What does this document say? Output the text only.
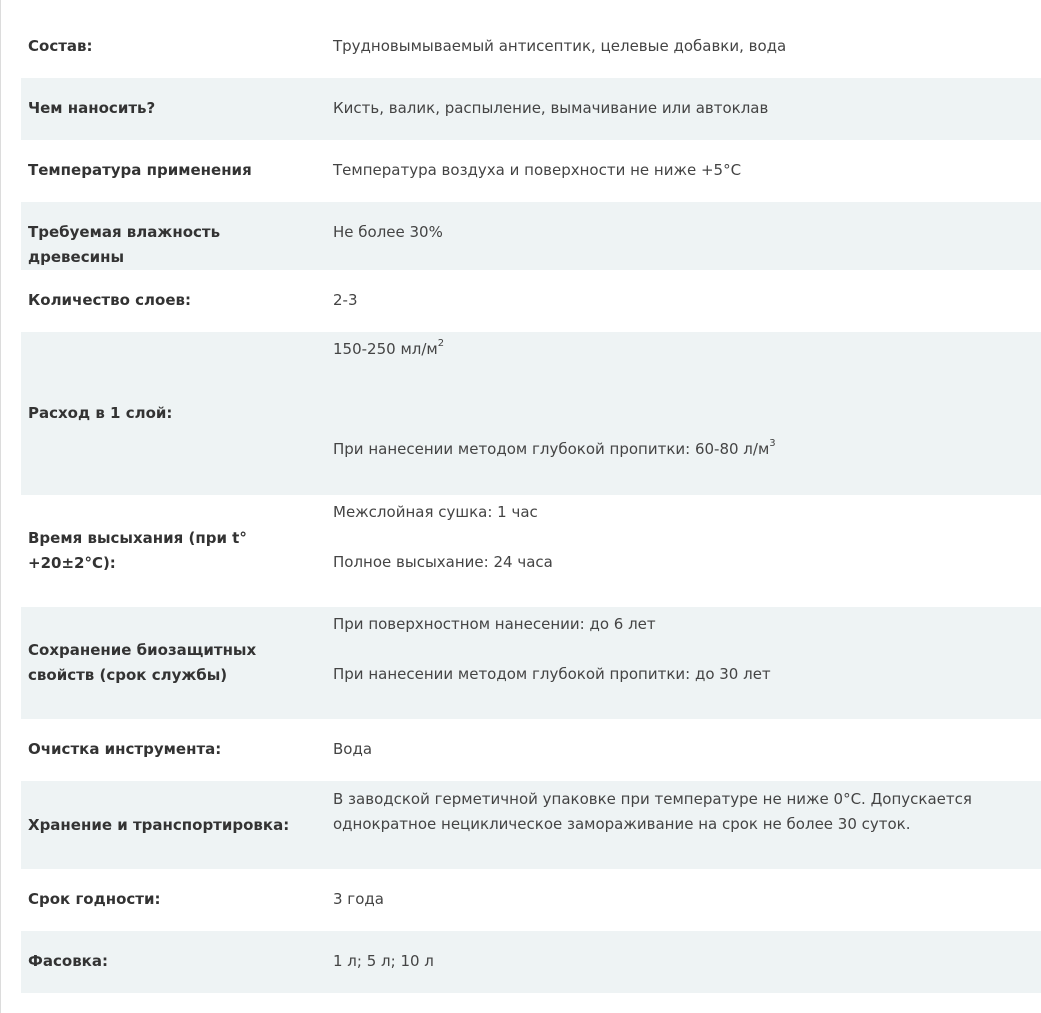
Состав:	Трудновымываемый антисептик, целевые добавки, вода
Чем наносить?	Кисть, валик, распыление, вымачивание или автоклав
Температура применения	Температура воздуха и поверхности не ниже +5°С
Требуемая влажность древесины	Не более 30%
Количество слоев:	2-3
Расход в 1 слой:	150-250 $мл/м^2$

При нанесении методом глубокой пропитки: 60-80 $л/м^3$

Время высыхания (при t° +20±2°С):	Межслойная сушка: 1 час

Полное высыхание: 24 часа

Сохранение биозащитных свойств (срок службы)	При поверхностном нанесении: до 6 лет

При нанесении методом глубокой пропитки: до 30 лет

Очистка инструмента:	Вода
Хранение и транспортировка:	В заводской герметичной упаковке при температуре не ниже 0°С. Допускается однократное нециклическое замораживание на срок не более 30 суток.
Срок годности:	3 года
Фасовка:	1 л; 5 л; 10 л
